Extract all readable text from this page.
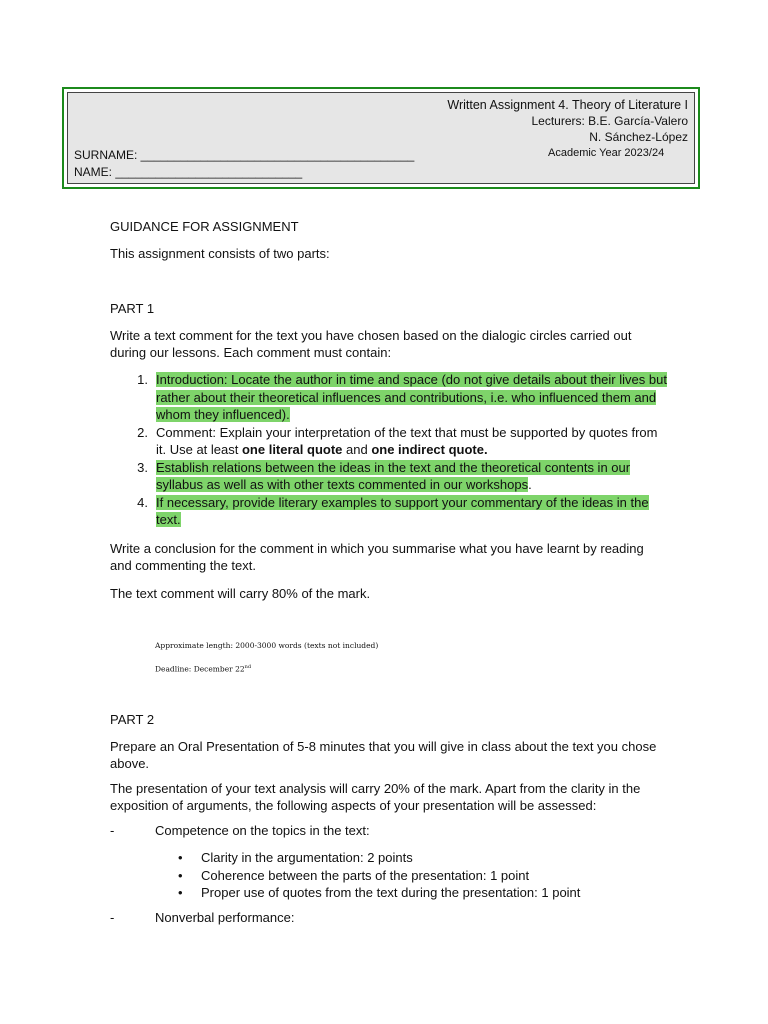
Written Assignment 4. Theory of Literature I
Lecturers: B.E. García-Valero
N. Sánchez-López
Academic Year 2023/24
SURNAME: _________________________________________
NAME: ____________________________
GUIDANCE FOR ASSIGNMENT
This assignment consists of two parts:
PART 1
Write a text comment for the text you have chosen based on the dialogic circles carried out during our lessons. Each comment must contain:
1. Introduction: Locate the author in time and space (do not give details about their lives but rather about their theoretical influences and contributions, i.e. who influenced them and whom they influenced).
2. Comment: Explain your interpretation of the text that must be supported by quotes from it. Use at least one literal quote and one indirect quote.
3. Establish relations between the ideas in the text and the theoretical contents in our syllabus as well as with other texts commented in our workshops.
4. If necessary, provide literary examples to support your commentary of the ideas in the text.
Write a conclusion for the comment in which you summarise what you have learnt by reading and commenting the text.
The text comment will carry 80% of the mark.
Approximate length: 2000-3000 words (texts not included)
Deadline: December 22nd
PART 2
Prepare an Oral Presentation of 5-8 minutes that you will give in class about the text you chose above.
The presentation of your text analysis will carry 20% of the mark. Apart from the clarity in the exposition of arguments, the following aspects of your presentation will be assessed:
-	Competence on the topics in the text:
• Clarity in the argumentation: 2 points
• Coherence between the parts of the presentation: 1 point
• Proper use of quotes from the text during the presentation: 1 point
-	Nonverbal performance:
